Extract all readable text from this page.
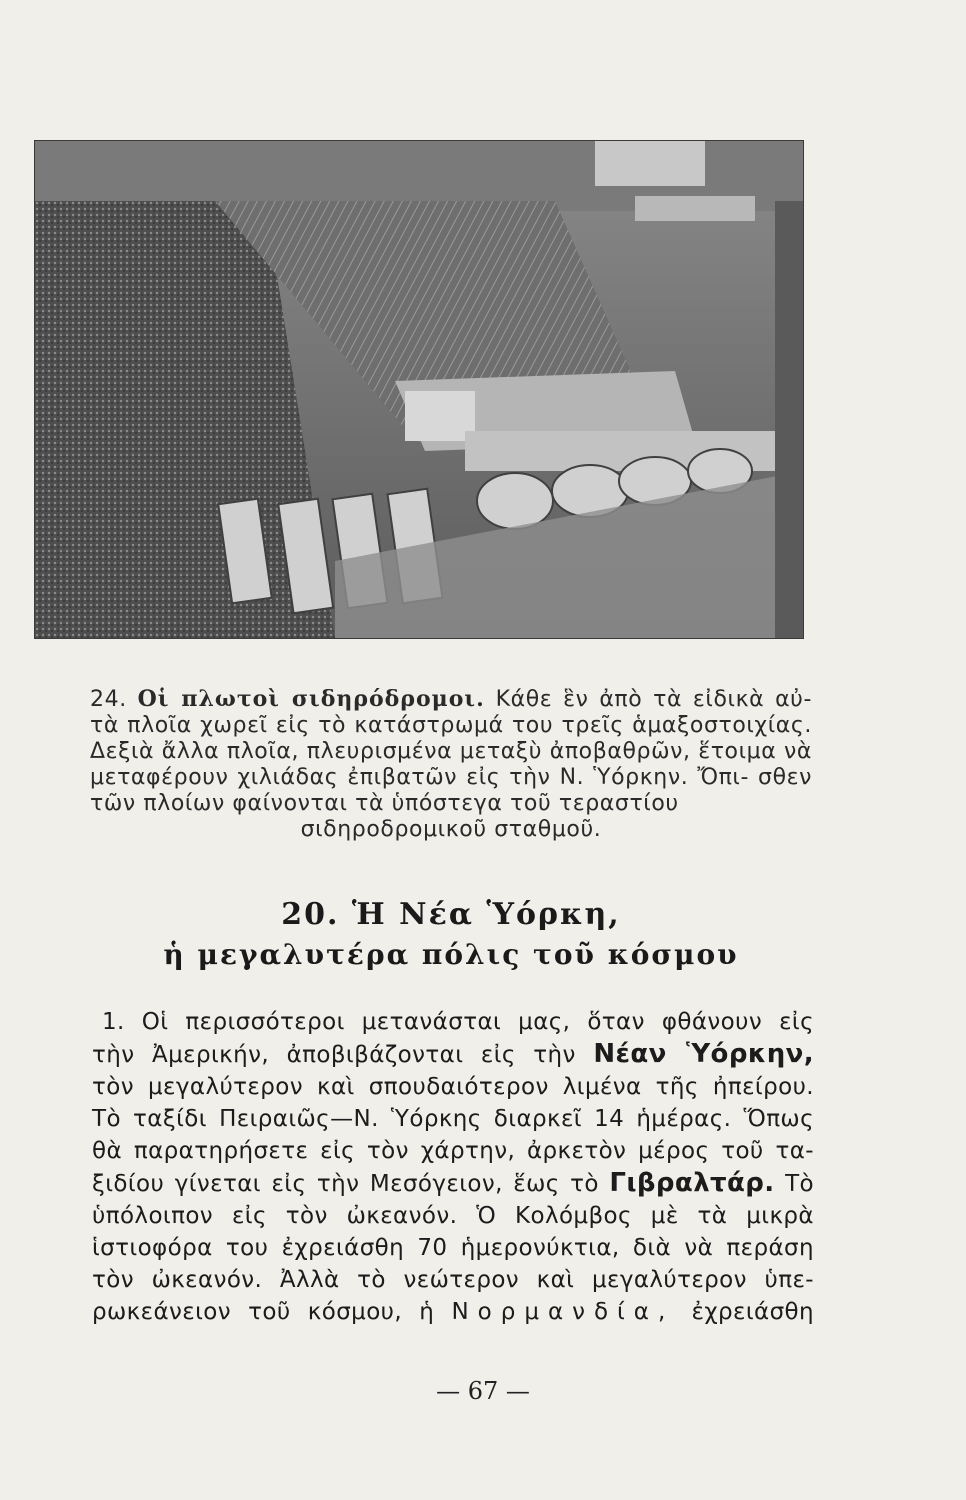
24. Οἱ πλωτοὶ σιδηρόδρομοι. Κάθε ἓν ἀπὸ τὰ εἰδικὰ αὐ- τὰ πλοῖα χωρεῖ εἰς τὸ κατάστρωμά του τρεῖς ἁμαξοστοιχίας. Δεξιὰ ἄλλα πλοῖα, πλευρισμένα μεταξὺ ἀποβαθρῶν, ἕτοιμα νὰ μεταφέρουν χιλιάδας ἐπιβατῶν εἰς τὴν Ν. Ὑόρκην. Ὄπι- σθεν τῶν πλοίων φαίνονται τὰ ὑπόστεγα τοῦ τεραστίου
σιδηροδρομικοῦ σταθμοῦ.
20. Ἡ Νέα Ὑόρκη,
ἡ μεγαλυτέρα πόλις τοῦ κόσμου
1. Οἱ περισσότεροι μετανάσται μας, ὅταν φθάνουν εἰς
τὴν Ἀμερικήν, ἀποβιβάζονται εἰς τὴν Νέαν Ὑόρκην,
τὸν μεγαλύτερον καὶ σπουδαιότερον λιμένα τῆς ἠπείρου.
Τὸ ταξίδι Πειραιῶς—Ν. Ὑόρκης διαρκεῖ 14 ἡμέρας. Ὅπως
θὰ παρατηρήσετε εἰς τὸν χάρτην, ἀρκετὸν μέρος τοῦ τα-
ξιδίου γίνεται εἰς τὴν Μεσόγειον, ἕως τὸ Γιβραλτάρ. Τὸ
ὑπόλοιπον εἰς τὸν ὠκεανόν. Ὁ Κολόμβος μὲ τὰ μικρὰ
ἱστιοφόρα του ἐχρειάσθη 70 ἡμερονύκτια, διὰ νὰ περάση
τὸν ὠκεανόν. Ἀλλὰ τὸ νεώτερον καὶ μεγαλύτερον ὑπε-
ρωκεάνειον τοῦ κόσμου, ἡ Νορμανδία, ἐχρειάσθη
— 67 —
